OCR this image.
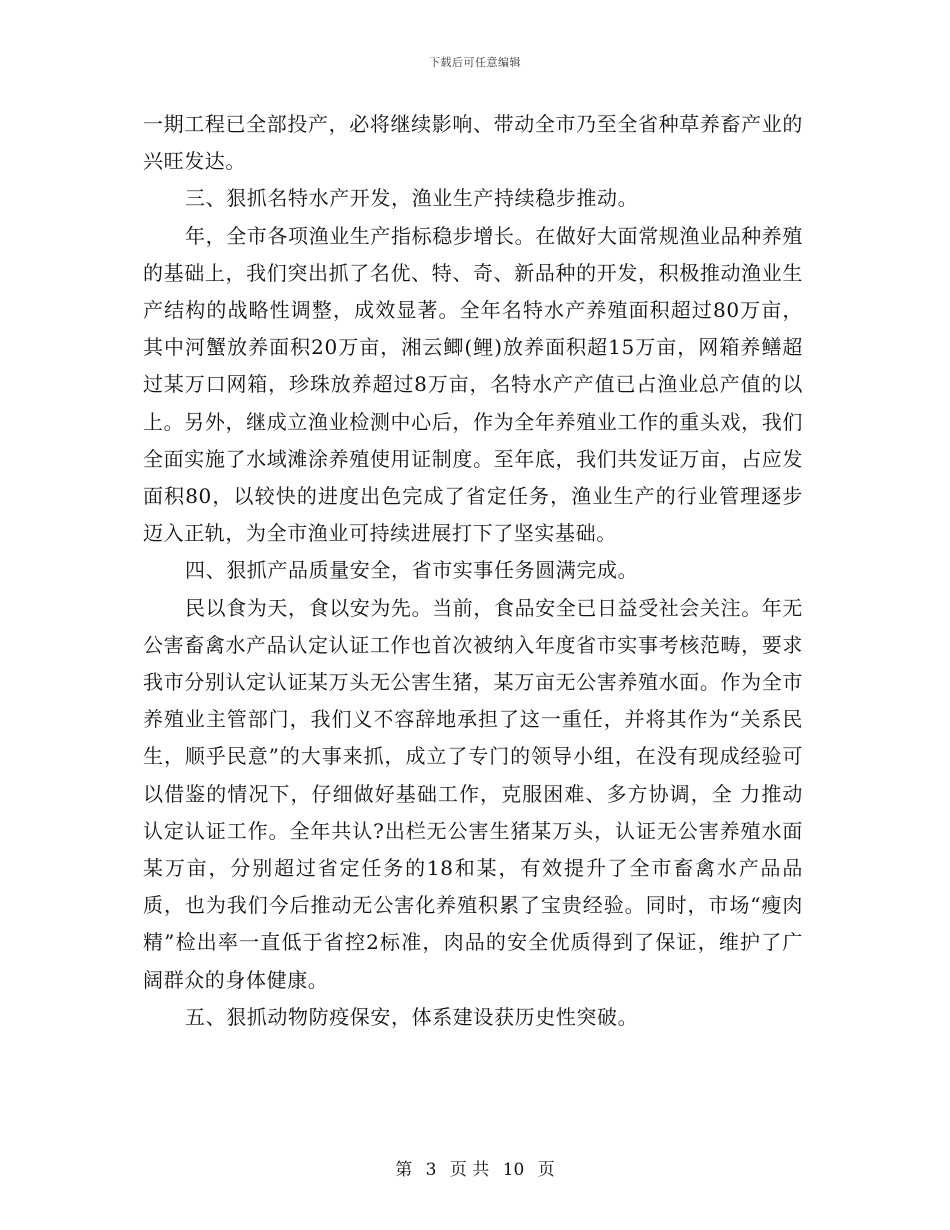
下载后可任意编辑

一期工程已全部投产，必将继续影响、带动全市乃至全省种草养畜产业的兴旺发达。

三、狠抓名特水产开发，渔业生产持续稳步推动。

年，全市各项渔业生产指标稳步增长。在做好大面常规渔业品种养殖的基础上，我们突出抓了名优、特、奇、新品种的开发，积极推动渔业生产结构的战略性调整，成效显著。全年名特水产养殖面积超过80万亩，其中河蟹放养面积20万亩，湘云鲫(鲤)放养面积超15万亩，网箱养鳝超过某万口网箱，珍珠放养超过8万亩，名特水产产值已占渔业总产值的以上。另外，继成立渔业检测中心后，作为全年养殖业工作的重头戏，我们全面实施了水域滩涂养殖使用证制度。至年底，我们共发证万亩，占应发面积80，以较快的进度出色完成了省定任务，渔业生产的行业管理逐步迈入正轨，为全市渔业可持续进展打下了坚实基础。

四、狠抓产品质量安全，省市实事任务圆满完成。

民以食为天，食以安为先。当前，食品安全已日益受社会关注。年无公害畜禽水产品认定认证工作也首次被纳入年度省市实事考核范畴，要求我市分别认定认证某万头无公害生猪，某万亩无公害养殖水面。作为全市养殖业主管部门，我们义不容辞地承担了这一重任，并将其作为“关系民生，顺乎民意”的大事来抓，成立了专门的领导小组，在没有现成经验可以借鉴的情况下，仔细做好基础工作，克服困难、多方协调，全 力推动认定认证工作。全年共认?出栏无公害生猪某万头，认证无公害养殖水面某万亩，分别超过省定任务的18和某，有效提升了全市畜禽水产品品质，也为我们今后推动无公害化养殖积累了宝贵经验。同时，市场“瘦肉精”检出率一直低于省控2标准，肉品的安全优质得到了保证，维护了广阔群众的身体健康。

五、狠抓动物防疫保安，体系建设获历史性突破。

第 3 页 共 10 页
